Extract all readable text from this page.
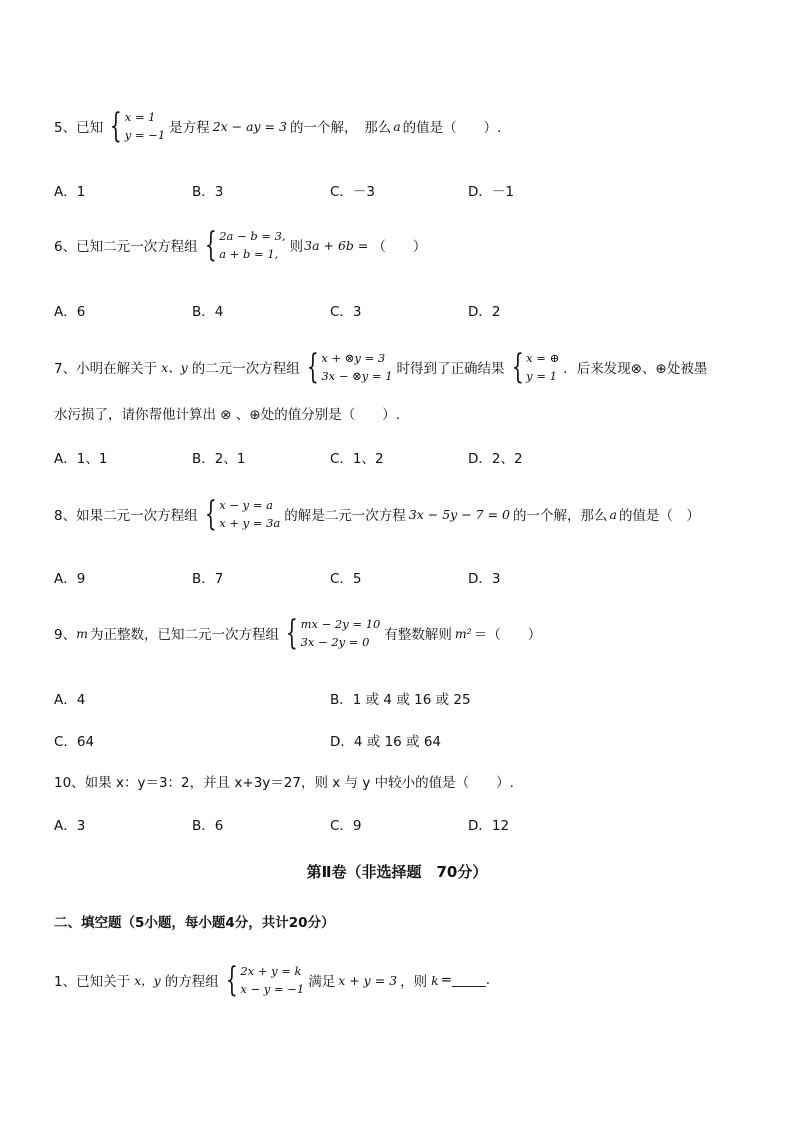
5、 已知 { x = 1
y = −1 是方程 2x − ay = 3 的一个解，　那么 a 的值是（　　）.
A．1	B．3	C．－3	D．－1
6、 已知二元一次方程组 { 2a − b = 3,
a + b = 1, 则 3a + 6b = （　　）
A．6	B．4	C．3	D．2
7、 小明在解关于 x、y 的二元一次方程组 { x + ⊗y = 3
3x − ⊗y = 1 时得到了正确结果 { x = ⊕
y = 1 ．后来发现⊗、⊕处被墨
水污损了，请你帮他计算出 ⊗ 、⊕处的值分别是（　　）.
A．1、1	B．2、1	C．1、2	D．2、2
8、 如果二元一次方程组 { x − y = a
x + y = 3a 的解是二元一次方程 3x − 5y − 7 = 0 的一个解，那么 a 的值是（　）
A．9	B．7	C．5	D．3
9、 m 为正整数，已知二元一次方程组 { mx − 2y = 10
3x − 2y = 0	有整数解则 m² ＝（　　）
A．4	B．1 或 4 或 16 或 25
C．64	D．4 或 16 或 64
10、如果 x：y＝3：2，并且 x+3y＝27，则 x 与 y 中较小的值是（　　）.
A．3	B．6	C．9	D．12
第Ⅱ卷（非选择题　70分）
二、填空题（5小题，每小题4分，共计20分）
1、 已知关于 x，y 的方程组 { 2x + y = k
x − y = −1 满足 x + y = 3 ，则 k =_____.
